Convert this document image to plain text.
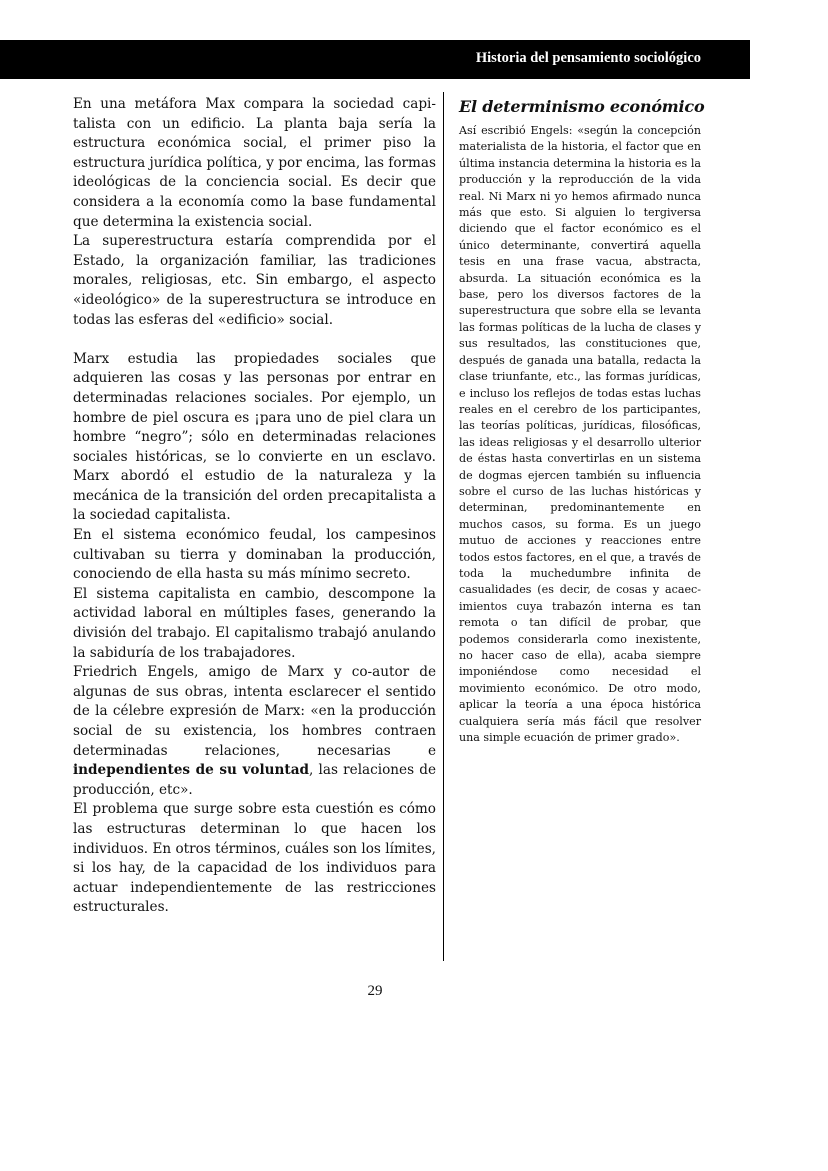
Historia del pensamiento sociológico

En una metáfora Max compara la sociedad capitalista con un edificio. La planta baja sería la estructura económica social, el primer piso la estructura jurídica política, y por encima, las formas ideológicas de la conciencia social. Es decir que considera a la economía como la base fundamental que determina la existencia social.

La superestructura estaría comprendida por el Estado, la organización familiar, las tradiciones morales, religiosas, etc. Sin embargo, el aspecto «ideológico» de la superestructura se introduce en todas las esferas del «edificio» social.

Marx estudia las propiedades sociales que adquieren las cosas y las personas por entrar en determinadas relaciones sociales. Por ejemplo, un hombre de piel oscura es ¡para uno de piel clara un hombre “negro”; sólo en determinadas relaciones sociales históricas, se lo convierte en un esclavo. Marx abordó el estudio de la naturaleza y la mecánica de la transición del orden precapitalista a la sociedad capitalista.

En el sistema económico feudal, los campesinos cultivaban su tierra y dominaban la producción, conociendo de ella hasta su más mínimo secreto.

El sistema capitalista en cambio, descompone la actividad laboral en múltiples fases, generando la división del trabajo. El capitalismo trabajó anulando la sabiduría de los trabajadores.

Friedrich Engels, amigo de Marx y co-autor de algunas de sus obras, intenta esclarecer el sentido de la célebre expresión de Marx: «en la producción social de su existencia, los hombres contraen determinadas relaciones, necesarias e independientes de su voluntad, las relaciones de producción, etc».

El problema que surge sobre esta cuestión es cómo las estructuras determinan lo que hacen los individuos. En otros términos, cuáles son los límites, si los hay, de la capacidad de los individuos para actuar independientemente de las restricciones estructurales.

El determinismo económico

Así escribió Engels: «según la concepción materialista de la historia, el factor que en última instancia determina la historia es la producción y la reproducción de la vida real. Ni Marx ni yo hemos afirmado nunca más que esto. Si alguien lo tergiversa diciendo que el factor económico es el único determinante, convertirá aquella tesis en una frase vacua, abstracta, absurda. La situación económica es la base, pero los diversos factores de la superestructura que sobre ella se levanta las formas políticas de la lucha de clases y sus resultados, las constituciones que, después de ganada una batalla, redacta la clase triunfante, etc., las formas jurídicas, e incluso los reflejos de todas estas luchas reales en el cerebro de los participantes, las teorías políticas, jurídicas, filosóficas, las ideas religiosas y el desarrollo ulterior de éstas hasta convertirlas en un sistema de dogmas ejercen también su influencia sobre el curso de las luchas históricas y determinan, predominantemente en muchos casos, su forma. Es un juego mutuo de acciones y reacciones entre todos estos factores, en el que, a través de toda la muchedumbre infinita de casualidades (es decir, de cosas y acaecimientos cuya trabazón interna es tan remota o tan difícil de probar, que podemos considerarla como inexistente, no hacer caso de ella), acaba siempre imponiéndose como necesidad el movimiento económico. De otro modo, aplicar la teoría a una época histórica cualquiera sería más fácil que resolver una simple ecuación de primer grado».

29
